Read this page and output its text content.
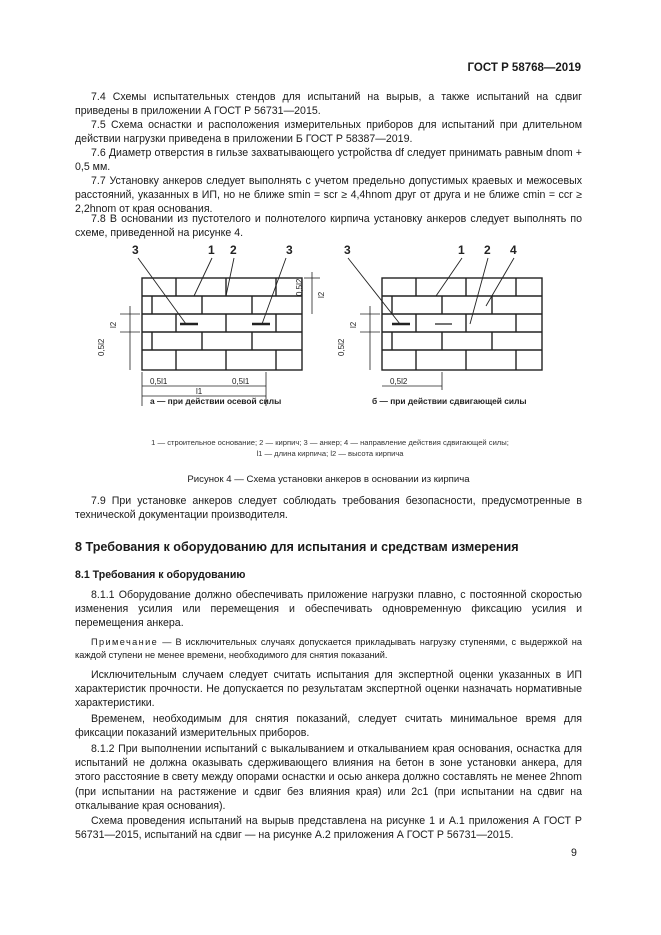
ГОСТ Р 58768—2019
7.4 Схемы испытательных стендов для испытаний на вырыв, а также испытаний на сдвиг приведены в приложении А ГОСТ Р 56731—2015.
7.5 Схема оснастки и расположения измерительных приборов для испытаний при длительном действии нагрузки приведена в приложении Б ГОСТ Р 58387—2019.
7.6 Диаметр отверстия в гильзе захватывающего устройства df следует принимать равным dnom + 0,5 мм.
7.7 Установку анкеров следует выполнять с учетом предельно допустимых краевых и межосевых расстояний, указанных в ИП, но не ближе smin = scr ≥ 4,4hnom друг от друга и не ближе cmin = ccr ≥ 2,2hnom от края основания.
7.8 В основании из пустотелого и полнотелого кирпича установку анкеров следует выполнять по схеме, приведенной на рисунке 4.
3	1 2	3	3	1 2 4
0,5l2
l2
l2
0,5l2
0,5l1	0,5l1
l1
0,5l2
l2
0,5l2
а — при действии осевой силы	б — при действии сдвигающей силы
1 — строительное основание; 2 — кирпич; 3 — анкер; 4 — направление действия сдвигающей силы;
l1 — длина кирпича; l2 — высота кирпича
Рисунок 4 — Схема установки анкеров в основании из кирпича
7.9 При установке анкеров следует соблюдать требования безопасности, предусмотренные в технической документации производителя.
8 Требования к оборудованию для испытания и средствам измерения
8.1 Требования к оборудованию
8.1.1 Оборудование должно обеспечивать приложение нагрузки плавно, с постоянной скоростью изменения усилия или перемещения и обеспечивать одновременную фиксацию усилия и перемещения анкера.
Примечание — В исключительных случаях допускается прикладывать нагрузку ступенями, с выдержкой на каждой ступени не менее времени, необходимого для снятия показаний.
Исключительным случаем следует считать испытания для экспертной оценки указанных в ИП характеристик прочности. Не допускается по результатам экспертной оценки назначать нормативные характеристики.
Временем, необходимым для снятия показаний, следует считать минимальное время для фиксации показаний измерительных приборов.
8.1.2 При выполнении испытаний с выкалыванием и откалыванием края основания, оснастка для испытаний не должна оказывать сдерживающего влияния на бетон в зоне установки анкера, для этого расстояние в свету между опорами оснастки и осью анкера должно составлять не менее 2hnom (при испытании на растяжение и сдвиг без влияния края) или 2c1 (при испытании на сдвиг на откалывание края основания).
Схема проведения испытаний на вырыв представлена на рисунке 1 и А.1 приложения А ГОСТ Р 56731—2015, испытаний на сдвиг — на рисунке А.2 приложения А ГОСТ Р 56731—2015.
9
